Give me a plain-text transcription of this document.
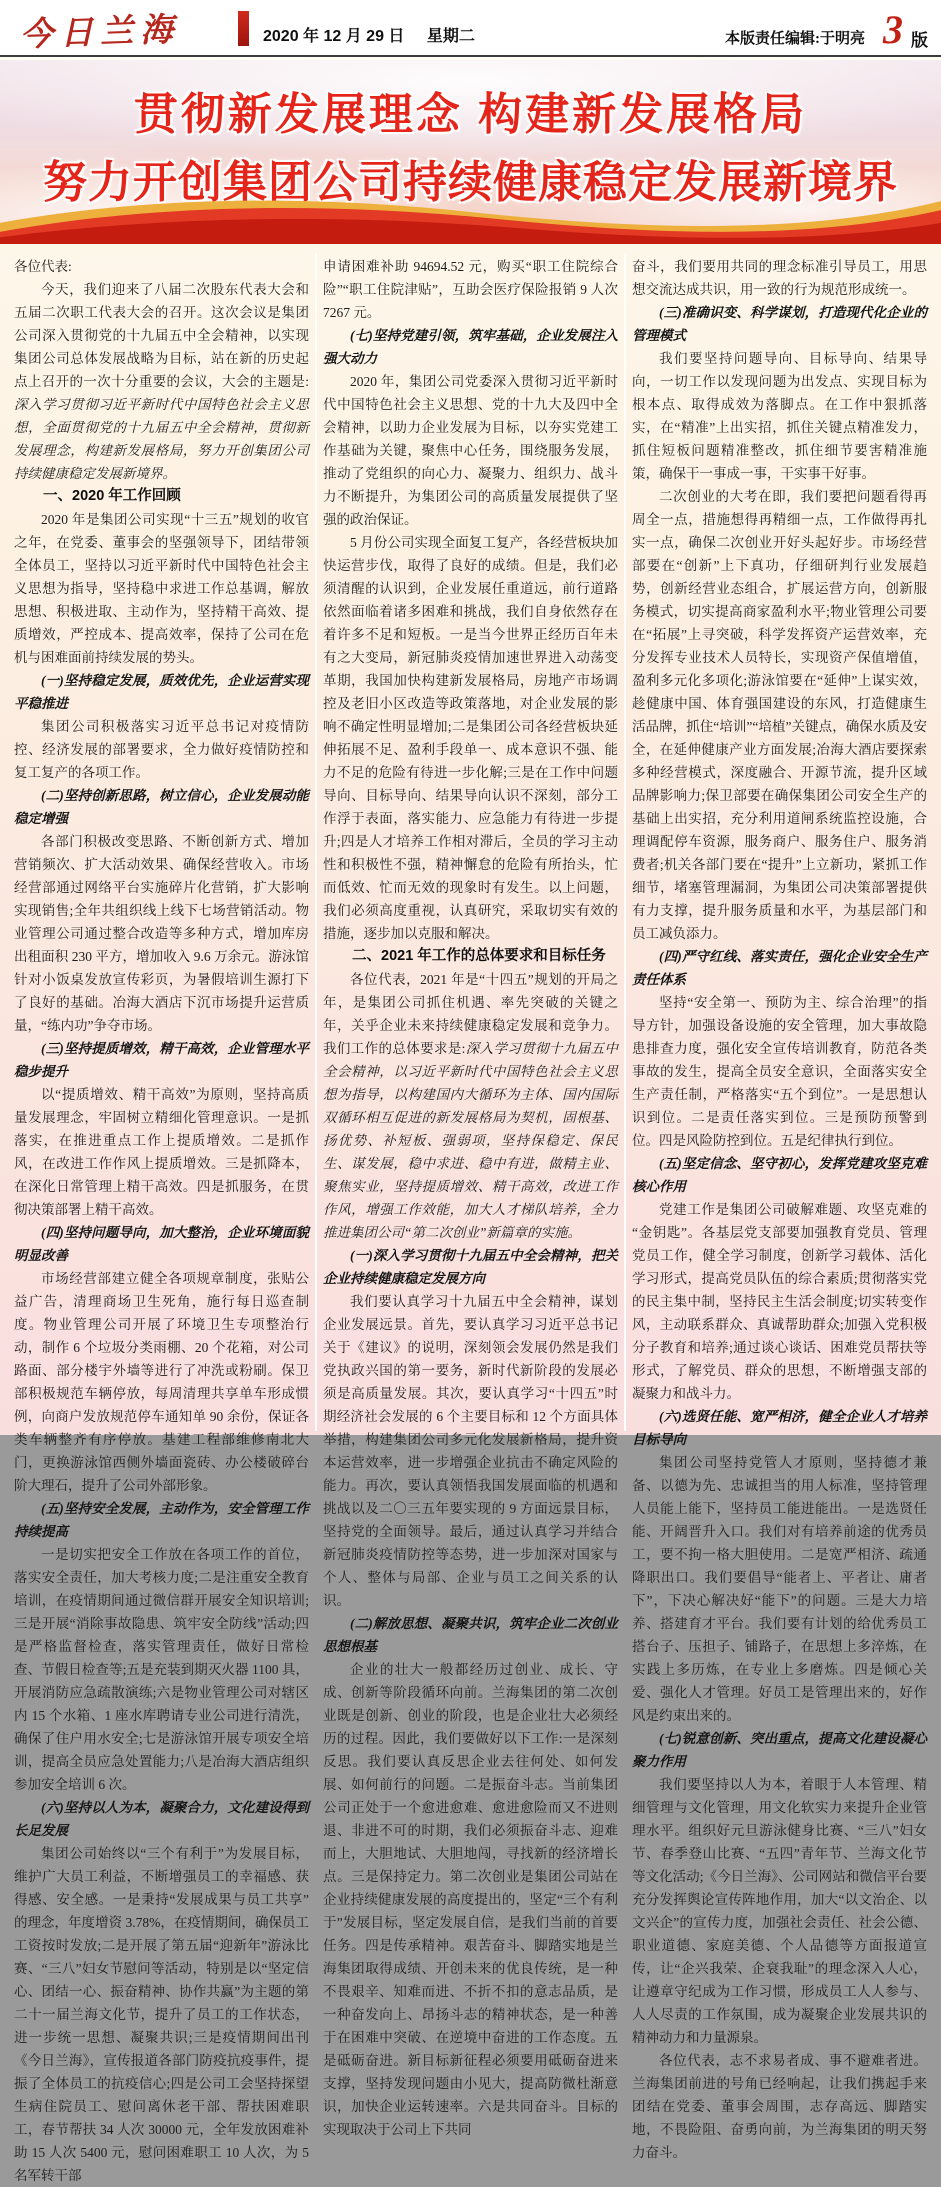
今日兰海	2020 年 12 月 29 日 星期二	本版责任编辑:于明亮 3 版
贯彻新发展理念 构建新发展格局
努力开创集团公司持续健康稳定发展新境界

各位代表:

今天，我们迎来了八届二次股东代表大会和五届二次职工代表大会的召开。这次会议是集团公司深入贯彻党的十九届五中全会精神，以实现集团公司总体发展战略为目标，站在新的历史起点上召开的一次十分重要的会议，大会的主题是:深入学习贯彻习近平新时代中国特色社会主义思想，全面贯彻党的十九届五中全会精神，贯彻新发展理念，构建新发展格局，努力开创集团公司持续健康稳定发展新境界。

一、2020 年工作回顾

2020 年是集团公司实现“十三五”规划的收官之年，在党委、董事会的坚强领导下，团结带领全体员工，坚持以习近平新时代中国特色社会主义思想为指导，坚持稳中求进工作总基调，解放思想、积极进取、主动作为，坚持精干高效、提质增效，严控成本、提高效率，保持了公司在危机与困难面前持续发展的势头。

(一)坚持稳定发展，质效优先，企业运营实现平稳推进

集团公司积极落实习近平总书记对疫情防控、经济发展的部署要求，全力做好疫情防控和复工复产的各项工作。

(二)坚持创新思路，树立信心，企业发展动能稳定增强

各部门积极改变思路、不断创新方式、增加营销频次、扩大活动效果、确保经营收入。市场经营部通过网络平台实施碎片化营销，扩大影响实现销售;全年共组织线上线下七场营销活动。物业管理公司通过整合改造等多种方式，增加库房出租面积 230 平方，增加收入 9.6 万余元。游泳馆针对小饭桌发放宣传彩页，为暑假培训生源打下了良好的基础。冶海大酒店下沉市场提升运营质量，“练内功”争夺市场。

(三)坚持提质增效，精干高效，企业管理水平稳步提升

以“提质增效、精干高效”为原则，坚持高质量发展理念，牢固树立精细化管理意识。一是抓落实，在推进重点工作上提质增效。二是抓作风，在改进工作作风上提质增效。三是抓降本，在深化日常管理上精干高效。四是抓服务，在贯彻决策部署上精干高效。

(四)坚持问题导向，加大整治，企业环境面貌明显改善

市场经营部建立健全各项规章制度，张贴公益广告，清理商场卫生死角，施行每日巡查制度。物业管理公司开展了环境卫生专项整治行动，制作 6 个垃圾分类雨棚、20 个花箱，对公司路面、部分楼宇外墙等进行了冲洗或粉刷。保卫部积极规范车辆停放，每周清理共享单车形成惯例，向商户发放规范停车通知单 90 余份，保证各类车辆整齐有序停放。基建工程部维修南北大门，更换游泳馆西侧外墙面瓷砖、办公楼破碎台阶大理石，提升了公司外部形象。

(五)坚持安全发展，主动作为，安全管理工作持续提高

一是切实把安全工作放在各项工作的首位，落实安全责任，加大考核力度;二是注重安全教育培训，在疫情期间通过微信群开展安全知识培训;三是开展“消除事故隐患、筑牢安全防线”活动;四是严格监督检查，落实管理责任，做好日常检查、节假日检查等;五是充装到期灭火器 1100 具，开展消防应急疏散演练;六是物业管理公司对辖区内 15 个水箱、1 座水库聘请专业公司进行清洗，确保了住户用水安全;七是游泳馆开展专项安全培训，提高全员应急处置能力;八是冶海大酒店组织参加安全培训 6 次。

(六)坚持以人为本，凝聚合力，文化建设得到长足发展

集团公司始终以“三个有利于”为发展目标，维护广大员工利益，不断增强员工的幸福感、获得感、安全感。一是秉持“发展成果与员工共享”的理念，年度增资 3.78%，在疫情期间，确保员工工资按时发放;二是开展了第五届“迎新年”游泳比赛、“三八”妇女节慰问等活动，特别是以“坚定信心、团结一心、振奋精神、协作共赢”为主题的第二十一届兰海文化节，提升了员工的工作状态，进一步统一思想、凝聚共识;三是疫情期间出刊《今日兰海》，宣传报道各部门防疫抗疫事件，提振了全体员工的抗疫信心;四是公司工会坚持探望生病住院员工、慰问离休老干部、帮扶困难职工，春节帮扶 34 人次 30000 元，全年发放困难补助 15 人次 5400 元，慰问困难职工 10 人次，为 5 名军转干部

申请困难补助 94694.52 元，购买“职工住院综合险”“职工住院津贴”，互助会医疗保险报销 9 人次 7267 元。

(七)坚持党建引领，筑牢基础，企业发展注入强大动力

2020 年，集团公司党委深入贯彻习近平新时代中国特色社会主义思想、党的十九大及四中全会精神，以助力企业发展为目标，以夯实党建工作基础为关键，聚焦中心任务，围绕服务发展，推动了党组织的向心力、凝聚力、组织力、战斗力不断提升，为集团公司的高质量发展提供了坚强的政治保证。

5 月份公司实现全面复工复产，各经营板块加快运营步伐，取得了良好的成绩。但是，我们必须清醒的认识到，企业发展任重道远，前行道路依然面临着诸多困难和挑战，我们自身依然存在着许多不足和短板。一是当今世界正经历百年未有之大变局，新冠肺炎疫情加速世界进入动荡变革期，我国加快构建新发展格局，房地产市场调控及老旧小区改造等政策落地，对企业发展的影响不确定性明显增加;二是集团公司各经营板块延伸拓展不足、盈利手段单一、成本意识不强、能力不足的危险有待进一步化解;三是在工作中问题导向、目标导向、结果导向认识不深刻，部分工作浮于表面，落实能力、应急能力有待进一步提升;四是人才培养工作相对滞后，全员的学习主动性和积极性不强，精神懈怠的危险有所抬头，忙而低效、忙而无效的现象时有发生。以上问题，我们必须高度重视，认真研究，采取切实有效的措施，逐步加以克服和解决。

二、2021 年工作的总体要求和目标任务

各位代表，2021 年是“十四五”规划的开局之年，是集团公司抓住机遇、率先突破的关键之年，关乎企业未来持续健康稳定发展和竞争力。我们工作的总体要求是:深入学习贯彻十九届五中全会精神，以习近平新时代中国特色社会主义思想为指导，以构建国内大循环为主体、国内国际双循环相互促进的新发展格局为契机，固根基、扬优势、补短板、强弱项，坚持保稳定、保民生、谋发展，稳中求进、稳中有进，做精主业、聚焦实业，坚持提质增效、精干高效，改进工作作风，增强工作效能，加大人才梯队培养，全力推进集团公司“第二次创业”新篇章的实施。

(一)深入学习贯彻十九届五中全会精神，把关企业持续健康稳定发展方向

我们要认真学习十九届五中全会精神，谋划企业发展远景。首先，要认真学习习近平总书记关于《建议》的说明，深刻领会发展仍然是我们党执政兴国的第一要务，新时代新阶段的发展必须是高质量发展。其次，要认真学习“十四五”时期经济社会发展的 6 个主要目标和 12 个方面具体举措，构建集团公司多元化发展新格局，提升资本运营效率，进一步增强企业抗击不确定风险的能力。再次，要认真领悟我国发展面临的机遇和挑战以及二〇三五年要实现的 9 方面远景目标，坚持党的全面领导。最后，通过认真学习并结合新冠肺炎疫情防控等态势，进一步加深对国家与个人、整体与局部、企业与员工之间关系的认识。

(二)解放思想、凝聚共识，筑牢企业二次创业思想根基

企业的壮大一般都经历过创业、成长、守成、创新等阶段循环向前。兰海集团的第二次创业既是创新、创业的阶段，也是企业壮大必须经历的过程。因此，我们要做好以下工作:一是深刻反思。我们要认真反思企业去往何处、如何发展、如何前行的问题。二是振奋斗志。当前集团公司正处于一个愈进愈难、愈进愈险而又不进则退、非进不可的时期，我们必须振奋斗志、迎难而上，大胆地试、大胆地闯，寻找新的经济增长点。三是保持定力。第二次创业是集团公司站在企业持续健康发展的高度提出的，坚定“三个有利于”发展目标，坚定发展自信，是我们当前的首要任务。四是传承精神。艰苦奋斗、脚踏实地是兰海集团取得成绩、开创未来的优良传统，是一种不畏艰辛、知难而进、不折不扣的意志品质，是一种奋发向上、昂扬斗志的精神状态，是一种善于在困难中突破、在逆境中奋进的工作态度。五是砥砺奋进。新目标新征程必须要用砥砺奋进来支撑，坚持发现问题由小见大，提高防微杜渐意识，加快企业运转速率。六是共同奋斗。目标的实现取决于公司上下共同

奋斗，我们要用共同的理念标准引导员工，用思想交流达成共识，用一致的行为规范形成统一。

(三)准确识变、科学谋划，打造现代化企业的管理模式

我们要坚持问题导向、目标导向、结果导向，一切工作以发现问题为出发点、实现目标为根本点、取得成效为落脚点。在工作中狠抓落实，在“精准”上出实招，抓住关键点精准发力，抓住短板问题精准整改，抓住细节要害精准施策，确保干一事成一事，干实事干好事。

二次创业的大考在即，我们要把问题看得再周全一点，措施想得再精细一点，工作做得再扎实一点，确保二次创业开好头起好步。市场经营部要在“创新”上下真功，仔细研判行业发展趋势，创新经营业态组合，扩展运营方向，创新服务模式，切实提高商家盈利水平;物业管理公司要在“拓展”上寻突破，科学发挥资产运营效率，充分发挥专业技术人员特长，实现资产保值增值，盈利多元化多项化;游泳馆要在“延伸”上谋实效，趁健康中国、体育强国建设的东风，打造健康生活品牌，抓住“培训”“培植”关键点，确保水质及安全，在延伸健康产业方面发展;冶海大酒店要探索多种经营模式，深度融合、开源节流，提升区域品牌影响力;保卫部要在确保集团公司安全生产的基础上出实招，充分利用道闸系统监控设施，合理调配停车资源，服务商户、服务住户、服务消费者;机关各部门要在“提升”上立新功，紧抓工作细节，堵塞管理漏洞，为集团公司决策部署提供有力支撑，提升服务质量和水平，为基层部门和员工减负添力。

(四)严守红线、落实责任，强化企业安全生产责任体系

坚持“安全第一、预防为主、综合治理”的指导方针，加强设备设施的安全管理，加大事故隐患排查力度，强化安全宣传培训教育，防范各类事故的发生，提高全员安全意识，全面落实安全生产责任制，严格落实“五个到位”。一是思想认识到位。二是责任落实到位。三是预防预警到位。四是风险防控到位。五是纪律执行到位。

(五)坚定信念、坚守初心，发挥党建攻坚克难核心作用

党建工作是集团公司破解难题、攻坚克难的“金钥匙”。各基层党支部要加强教育党员、管理党员工作，健全学习制度，创新学习载体、活化学习形式，提高党员队伍的综合素质;贯彻落实党的民主集中制，坚持民主生活会制度;切实转变作风，主动联系群众、真诚帮助群众;加强入党积极分子教育和培养;通过谈心谈话、困难党员帮扶等形式，了解党员、群众的思想，不断增强支部的凝聚力和战斗力。

(六)选贤任能、宽严相济，健全企业人才培养目标导向

集团公司坚持党管人才原则，坚持德才兼备、以德为先、忠诚担当的用人标准，坚持管理人员能上能下，坚持员工能进能出。一是选贤任能、开阔晋升入口。我们对有培养前途的优秀员工，要不拘一格大胆使用。二是宽严相济、疏通降职出口。我们要倡导“能者上、平者让、庸者下”，下决心解决好“能下”的问题。三是大力培养、搭建育才平台。我们要有计划的给优秀员工搭台子、压担子、铺路子，在思想上多淬炼，在实践上多历炼，在专业上多磨炼。四是倾心关爱、强化人才管理。好员工是管理出来的，好作风是约束出来的。

(七)锐意创新、突出重点，提高文化建设凝心聚力作用

我们要坚持以人为本，着眼于人本管理、精细管理与文化管理，用文化软实力来提升企业管理水平。组织好元旦游泳健身比赛、“三八”妇女节、春季登山比赛、“五四”青年节、兰海文化节等文化活动;《今日兰海》、公司网站和微信平台要充分发挥舆论宣传阵地作用，加大“以文治企、以文兴企”的宣传力度，加强社会责任、社会公德、职业道德、家庭美德、个人品德等方面报道宣传，让“企兴我荣、企衰我耻”的理念深入人心，让遵章守纪成为工作习惯，形成员工人人参与、人人尽责的工作氛围，成为凝聚企业发展共识的精神动力和力量源泉。

各位代表，志不求易者成、事不避难者进。兰海集团前进的号角已经响起，让我们携起手来团结在党委、董事会周围，志存高远、脚踏实地，不畏险阻、奋勇向前，为兰海集团的明天努力奋斗。
